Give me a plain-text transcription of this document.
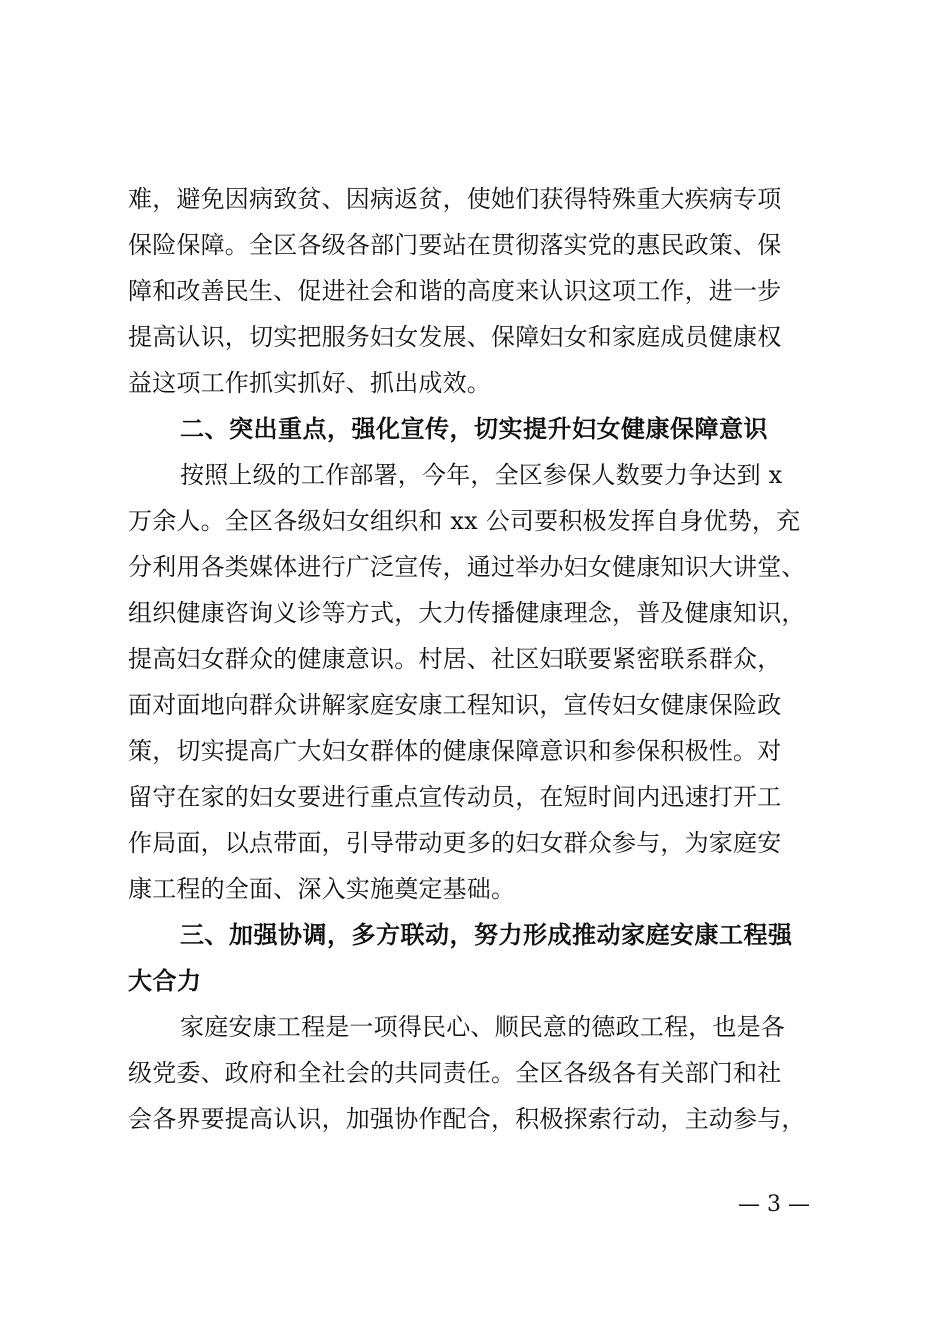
难，避免因病致贫、因病返贫，使她们获得特殊重大疾病专项
保险保障。全区各级各部门要站在贯彻落实党的惠民政策、保
障和改善民生、促进社会和谐的高度来认识这项工作，进一步
提高认识，切实把服务妇女发展、保障妇女和家庭成员健康权
益这项工作抓实抓好、抓出成效。
二、突出重点，强化宣传，切实提升妇女健康保障意识
按照上级的工作部署，今年，全区参保人数要力争达到 x
万余人。全区各级妇女组织和 xx 公司要积极发挥自身优势，充
分利用各类媒体进行广泛宣传，通过举办妇女健康知识大讲堂、
组织健康咨询义诊等方式，大力传播健康理念，普及健康知识，
提高妇女群众的健康意识。村居、社区妇联要紧密联系群众，
面对面地向群众讲解家庭安康工程知识，宣传妇女健康保险政
策，切实提高广大妇女群体的健康保障意识和参保积极性。对
留守在家的妇女要进行重点宣传动员，在短时间内迅速打开工
作局面，以点带面，引导带动更多的妇女群众参与，为家庭安
康工程的全面、深入实施奠定基础。
三、加强协调，多方联动，努力形成推动家庭安康工程强
大合力
家庭安康工程是一项得民心、顺民意的德政工程，也是各
级党委、政府和全社会的共同责任。全区各级各有关部门和社
会各界要提高认识，加强协作配合，积极探索行动，主动参与，
— 3 —
